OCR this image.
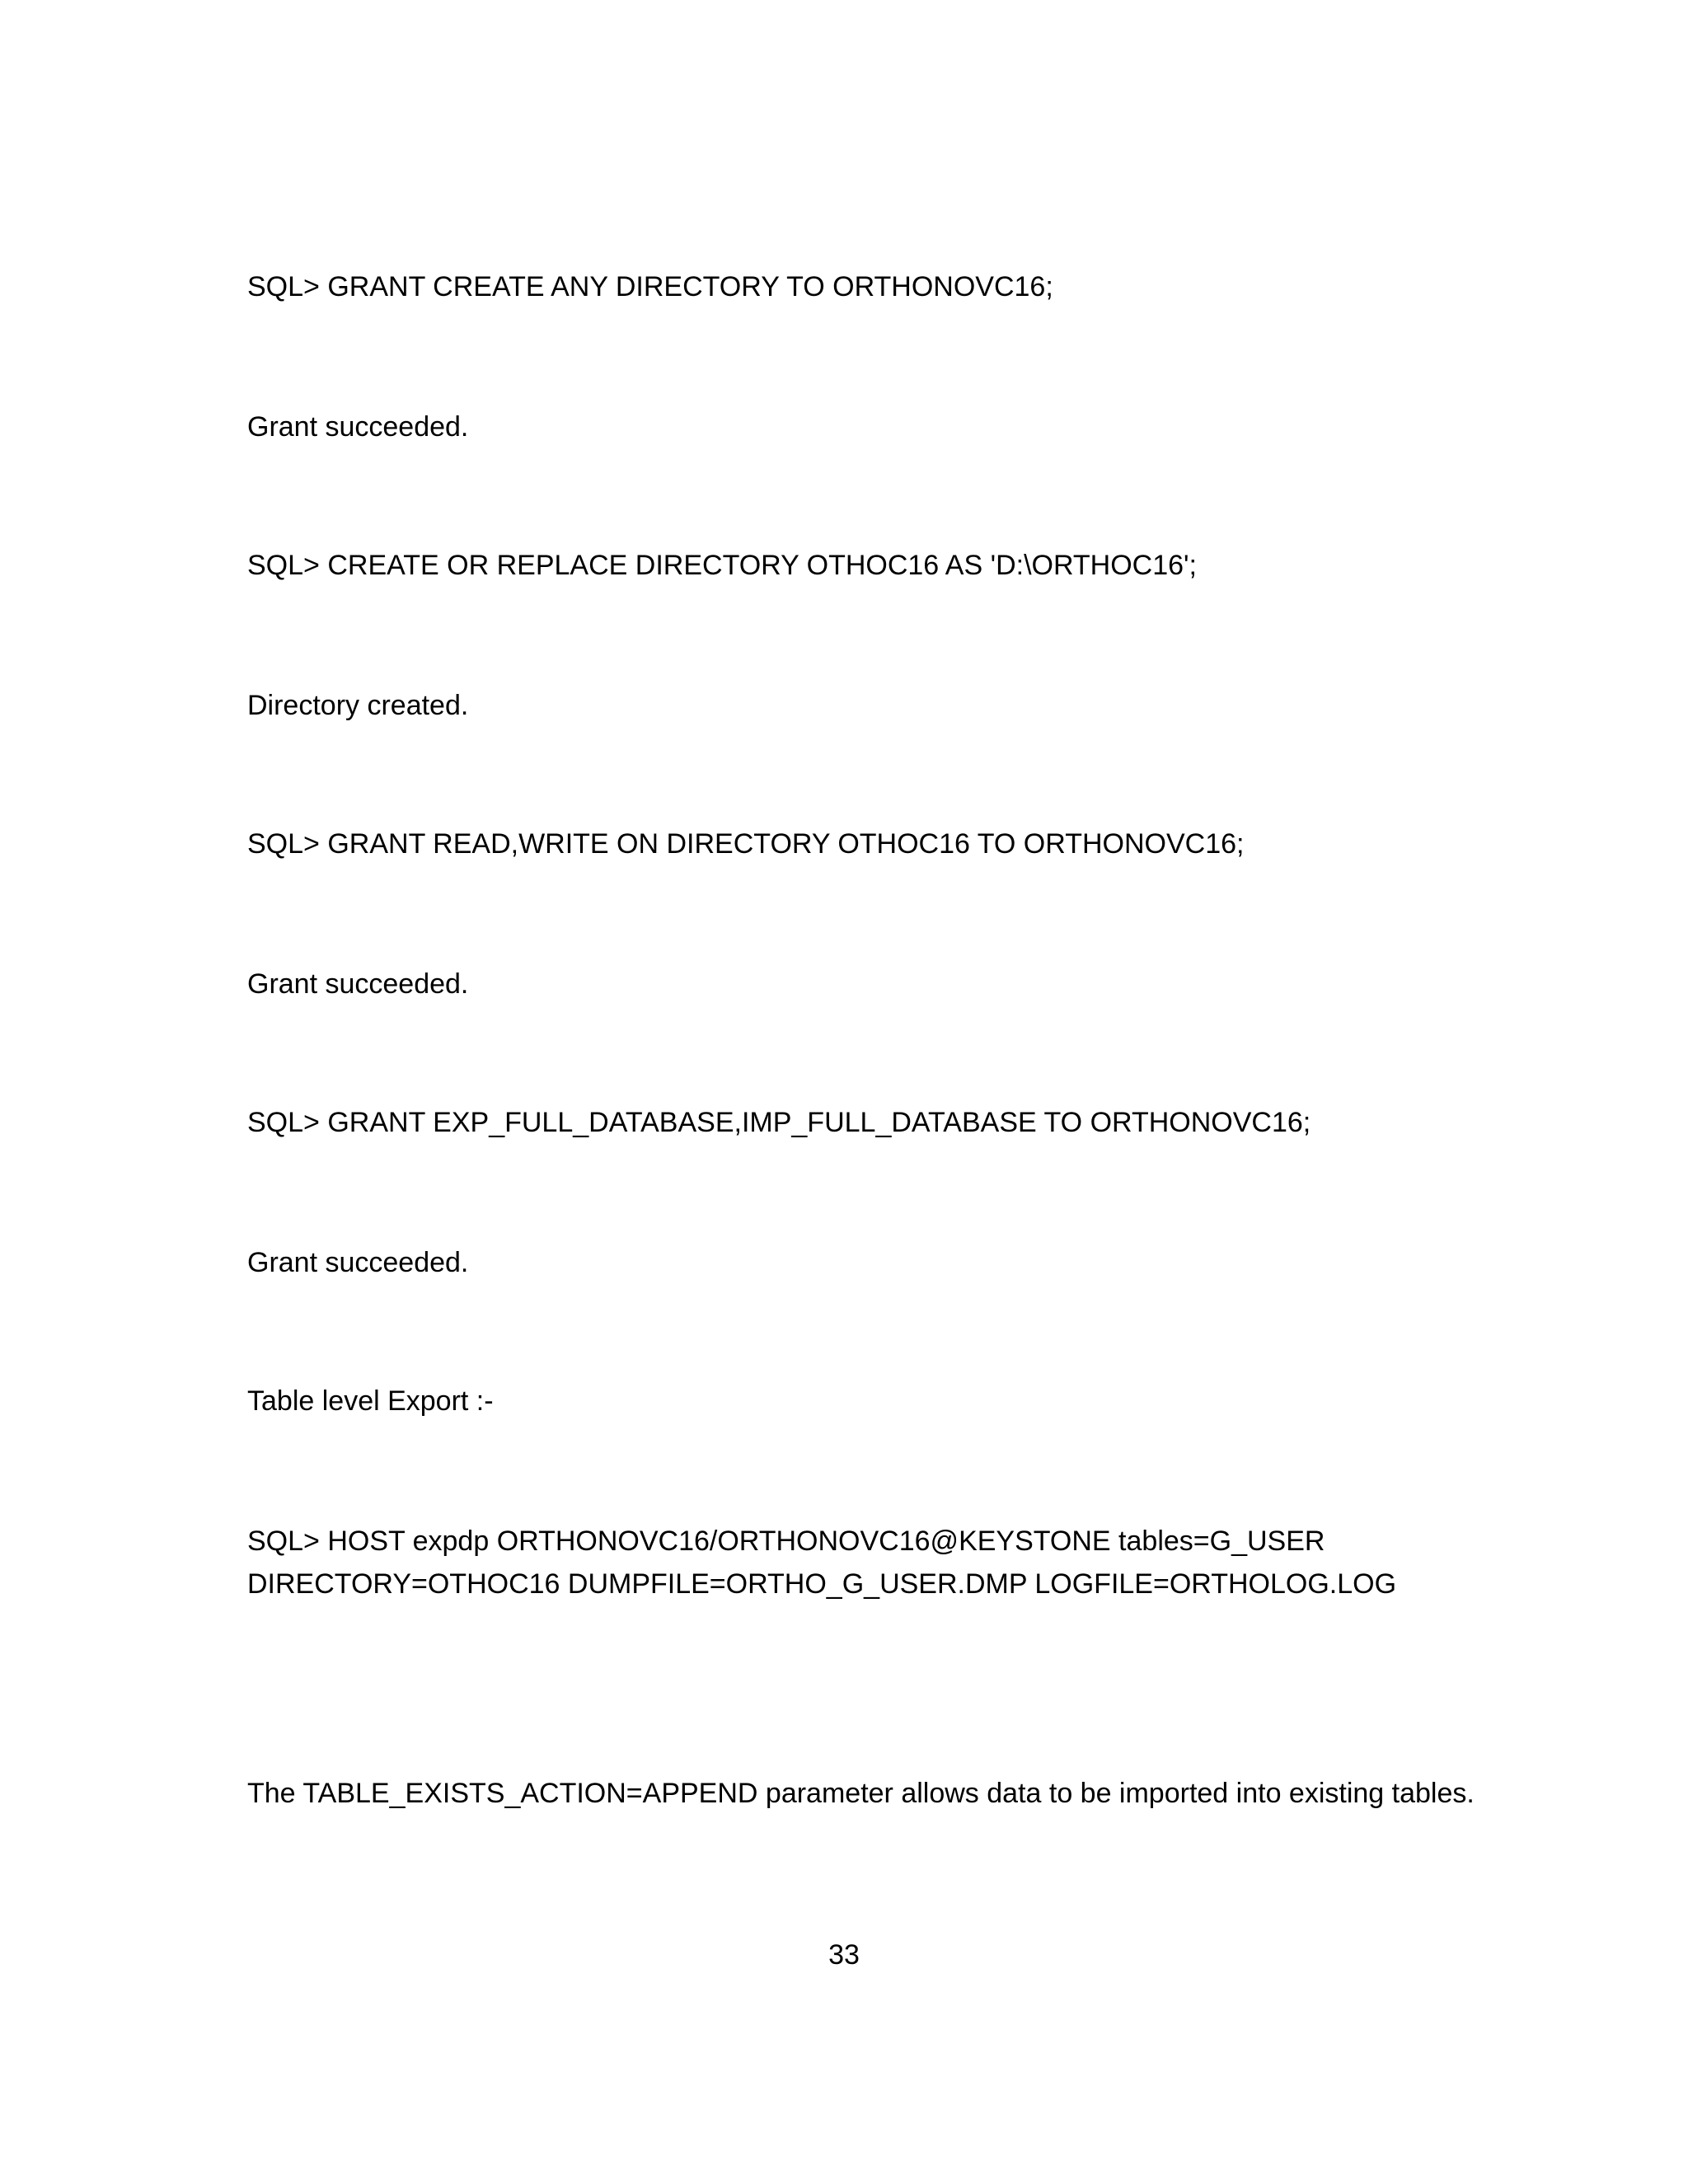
SQL> GRANT CREATE ANY DIRECTORY TO ORTHONOVC16;
Grant succeeded.
SQL> CREATE OR REPLACE DIRECTORY OTHOC16 AS 'D:\ORTHOC16';
Directory created.
SQL> GRANT READ,WRITE ON DIRECTORY OTHOC16 TO ORTHONOVC16;
Grant succeeded.
SQL> GRANT EXP_FULL_DATABASE,IMP_FULL_DATABASE TO ORTHONOVC16;
Grant succeeded.
Table level Export :-
SQL> HOST expdp ORTHONOVC16/ORTHONOVC16@KEYSTONE tables=G_USER
DIRECTORY=OTHOC16 DUMPFILE=ORTHO_G_USER.DMP LOGFILE=ORTHOLOG.LOG
The TABLE_EXISTS_ACTION=APPEND parameter allows data to be imported into existing tables.
33
